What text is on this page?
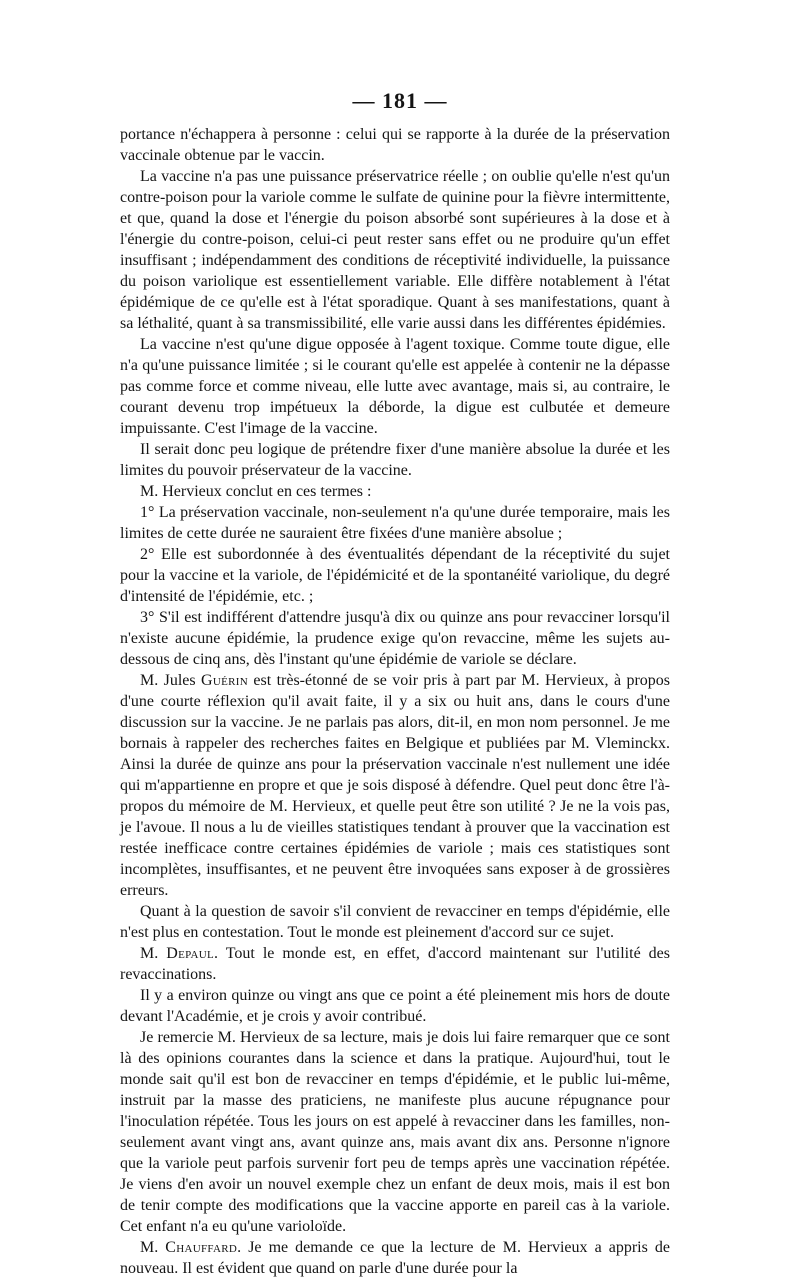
— 181 —

portance n'échappera à personne : celui qui se rapporte à la durée de la préservation vaccinale obtenue par le vaccin.

La vaccine n'a pas une puissance préservatrice réelle ; on oublie qu'elle n'est qu'un contre-poison pour la variole comme le sulfate de quinine pour la fièvre intermittente, et que, quand la dose et l'énergie du poison absorbé sont supérieures à la dose et à l'énergie du contre-poison, celui-ci peut rester sans effet ou ne produire qu'un effet insuffisant ; indépendamment des conditions de réceptivité individuelle, la puissance du poison variolique est essentiellement variable. Elle diffère notablement à l'état épidémique de ce qu'elle est à l'état sporadique. Quant à ses manifestations, quant à sa léthalité, quant à sa transmissibilité, elle varie aussi dans les différentes épidémies.

La vaccine n'est qu'une digue opposée à l'agent toxique. Comme toute digue, elle n'a qu'une puissance limitée ; si le courant qu'elle est appelée à contenir ne la dépasse pas comme force et comme niveau, elle lutte avec avantage, mais si, au contraire, le courant devenu trop impétueux la déborde, la digue est culbutée et demeure impuissante. C'est l'image de la vaccine.

Il serait donc peu logique de prétendre fixer d'une manière absolue la durée et les limites du pouvoir préservateur de la vaccine.

M. Hervieux conclut en ces termes :

1° La préservation vaccinale, non-seulement n'a qu'une durée temporaire, mais les limites de cette durée ne sauraient être fixées d'une manière absolue ;

2° Elle est subordonnée à des éventualités dépendant de la réceptivité du sujet pour la vaccine et la variole, de l'épidémicité et de la spontanéité variolique, du degré d'intensité de l'épidémie, etc. ;

3° S'il est indifférent d'attendre jusqu'à dix ou quinze ans pour revacciner lorsqu'il n'existe aucune épidémie, la prudence exige qu'on revaccine, même les sujets au-dessous de cinq ans, dès l'instant qu'une épidémie de variole se déclare.

M. Jules Guérin est très-étonné de se voir pris à part par M. Hervieux, à propos d'une courte réflexion qu'il avait faite, il y a six ou huit ans, dans le cours d'une discussion sur la vaccine. Je ne parlais pas alors, dit-il, en mon nom personnel. Je me bornais à rappeler des recherches faites en Belgique et publiées par M. Vleminckx. Ainsi la durée de quinze ans pour la préservation vaccinale n'est nullement une idée qui m'appartienne en propre et que je sois disposé à défendre. Quel peut donc être l'à-propos du mémoire de M. Hervieux, et quelle peut être son utilité ? Je ne la vois pas, je l'avoue. Il nous a lu de vieilles statistiques tendant à prouver que la vaccination est restée inefficace contre certaines épidémies de variole ; mais ces statistiques sont incomplètes, insuffisantes, et ne peuvent être invoquées sans exposer à de grossières erreurs.

Quant à la question de savoir s'il convient de revacciner en temps d'épidémie, elle n'est plus en contestation. Tout le monde est pleinement d'accord sur ce sujet.

M. Depaul. Tout le monde est, en effet, d'accord maintenant sur l'utilité des revaccinations.

Il y a environ quinze ou vingt ans que ce point a été pleinement mis hors de doute devant l'Académie, et je crois y avoir contribué.

Je remercie M. Hervieux de sa lecture, mais je dois lui faire remarquer que ce sont là des opinions courantes dans la science et dans la pratique. Aujourd'hui, tout le monde sait qu'il est bon de revacciner en temps d'épidémie, et le public lui-même, instruit par la masse des praticiens, ne manifeste plus aucune répugnance pour l'inoculation répétée. Tous les jours on est appelé à revacciner dans les familles, non-seulement avant vingt ans, avant quinze ans, mais avant dix ans. Personne n'ignore que la variole peut parfois survenir fort peu de temps après une vaccination répétée. Je viens d'en avoir un nouvel exemple chez un enfant de deux mois, mais il est bon de tenir compte des modifications que la vaccine apporte en pareil cas à la variole. Cet enfant n'a eu qu'une varioloïde.

M. Chauffard. Je me demande ce que la lecture de M. Hervieux a appris de nouveau. Il est évident que quand on parle d'une durée pour la
